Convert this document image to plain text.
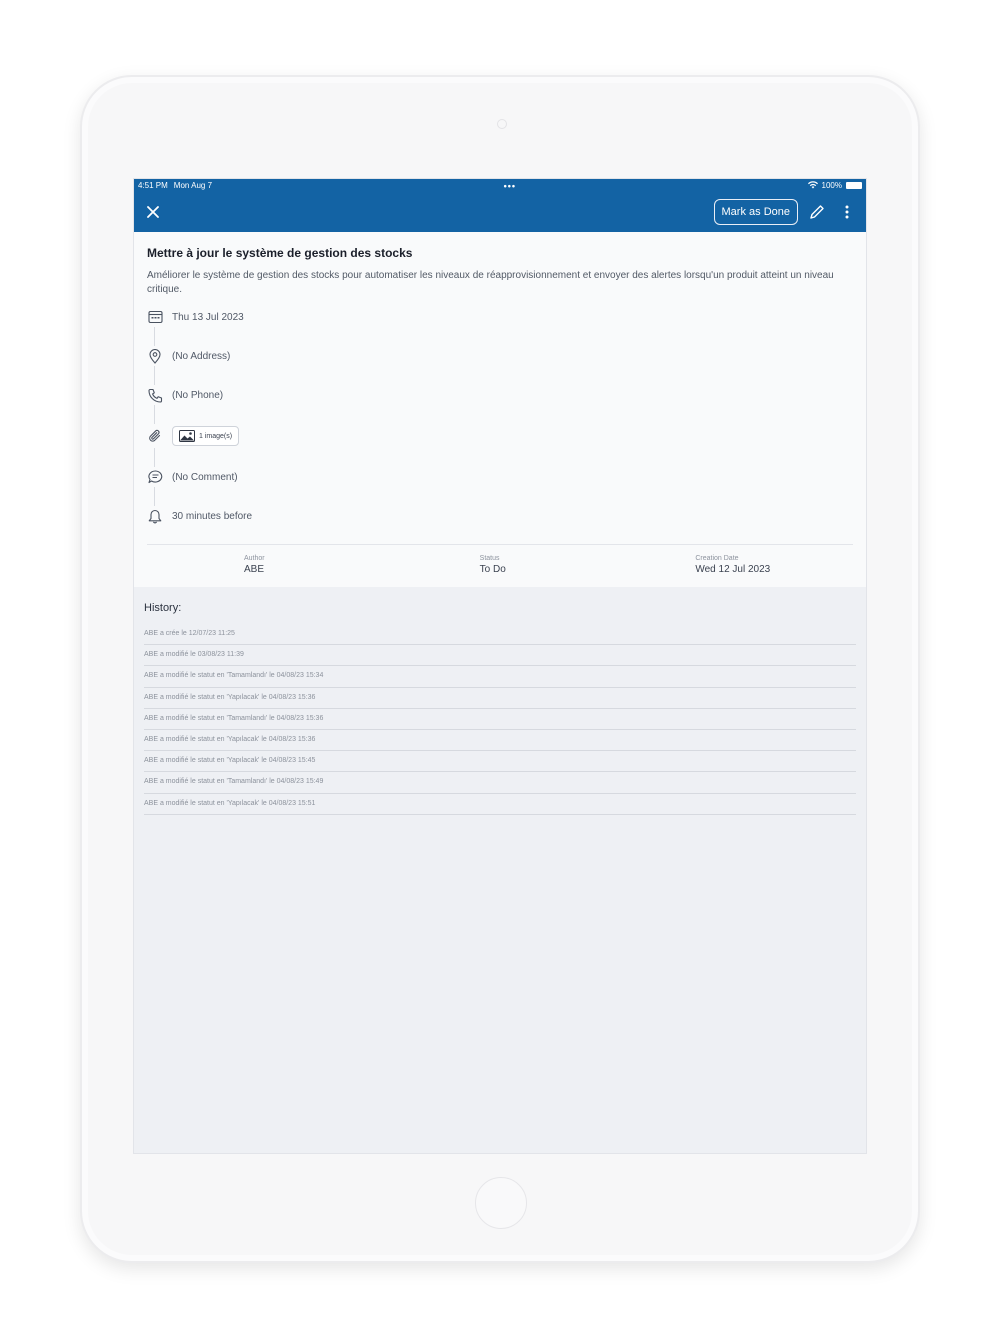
4:51 PM Mon Aug 7	•••	100%
Mark as Done
Mettre à jour le système de gestion des stocks
Améliorer le système de gestion des stocks pour automatiser les niveaux de réapprovisionnement et envoyer des alertes lorsqu'un produit atteint un niveau critique.
Thu 13 Jul 2023
(No Address)
(No Phone)
1 image(s)
(No Comment)
30 minutes before
Author
ABE
Status
To Do
Creation Date
Wed 12 Jul 2023
History:
ABE a crée le 12/07/23 11:25
ABE a modifié le 03/08/23 11:39
ABE a modifié le statut en 'Tamamlandı' le 04/08/23 15:34
ABE a modifié le statut en 'Yapılacak' le 04/08/23 15:36
ABE a modifié le statut en 'Tamamlandı' le 04/08/23 15:36
ABE a modifié le statut en 'Yapılacak' le 04/08/23 15:36
ABE a modifié le statut en 'Yapılacak' le 04/08/23 15:45
ABE a modifié le statut en 'Tamamlandı' le 04/08/23 15:49
ABE a modifié le statut en 'Yapılacak' le 04/08/23 15:51
